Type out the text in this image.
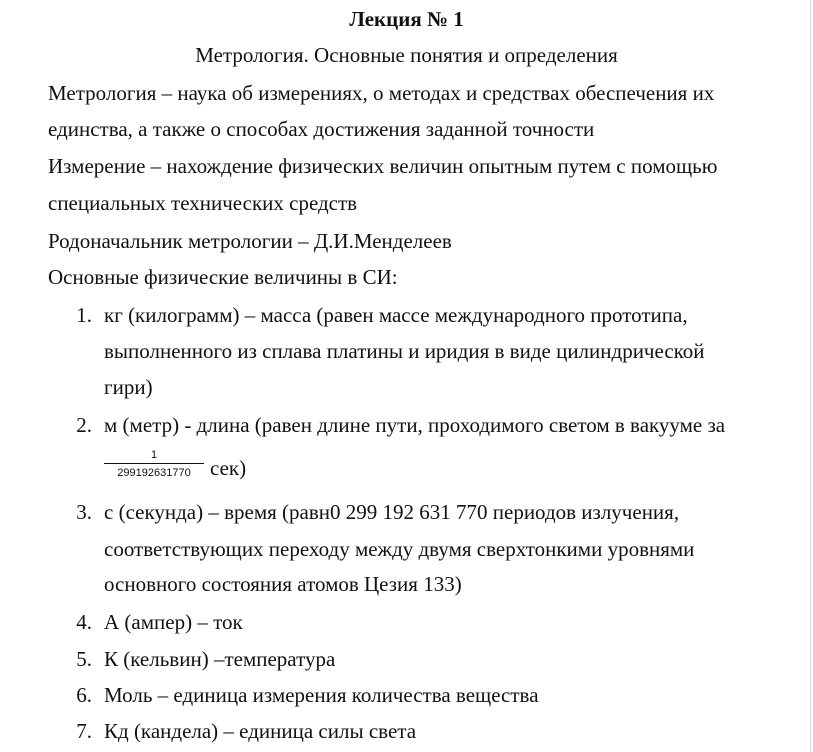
Лекция № 1
Метрология. Основные понятия и определения
Метрология – наука об измерениях, о методах и средствах обеспечения их
единства, а также о способах достижения заданной точности
Измерение – нахождение физических величин опытным путем с помощью
специальных технических средств
Родоначальник метрологии – Д.И.Менделеев
Основные физические величины в СИ:
1. кг (килограмм) – масса (равен массе международного прототипа,
выполненного из сплава платины и иридия в виде цилиндрической
гири)
2. м (метр) - длина (равен длине пути, проходимого светом в вакууме за
1
299192631770 сек)
3. с (секунда) – время (равн0 299 192 631 770 периодов излучения,
соответствующих переходу между двумя сверхтонкими уровнями
основного состояния атомов Цезия 133)
4. А (ампер) – ток
5. К (кельвин) –температура
6. Моль – единица измерения количества вещества
7. Кд (кандела) – единица силы света
